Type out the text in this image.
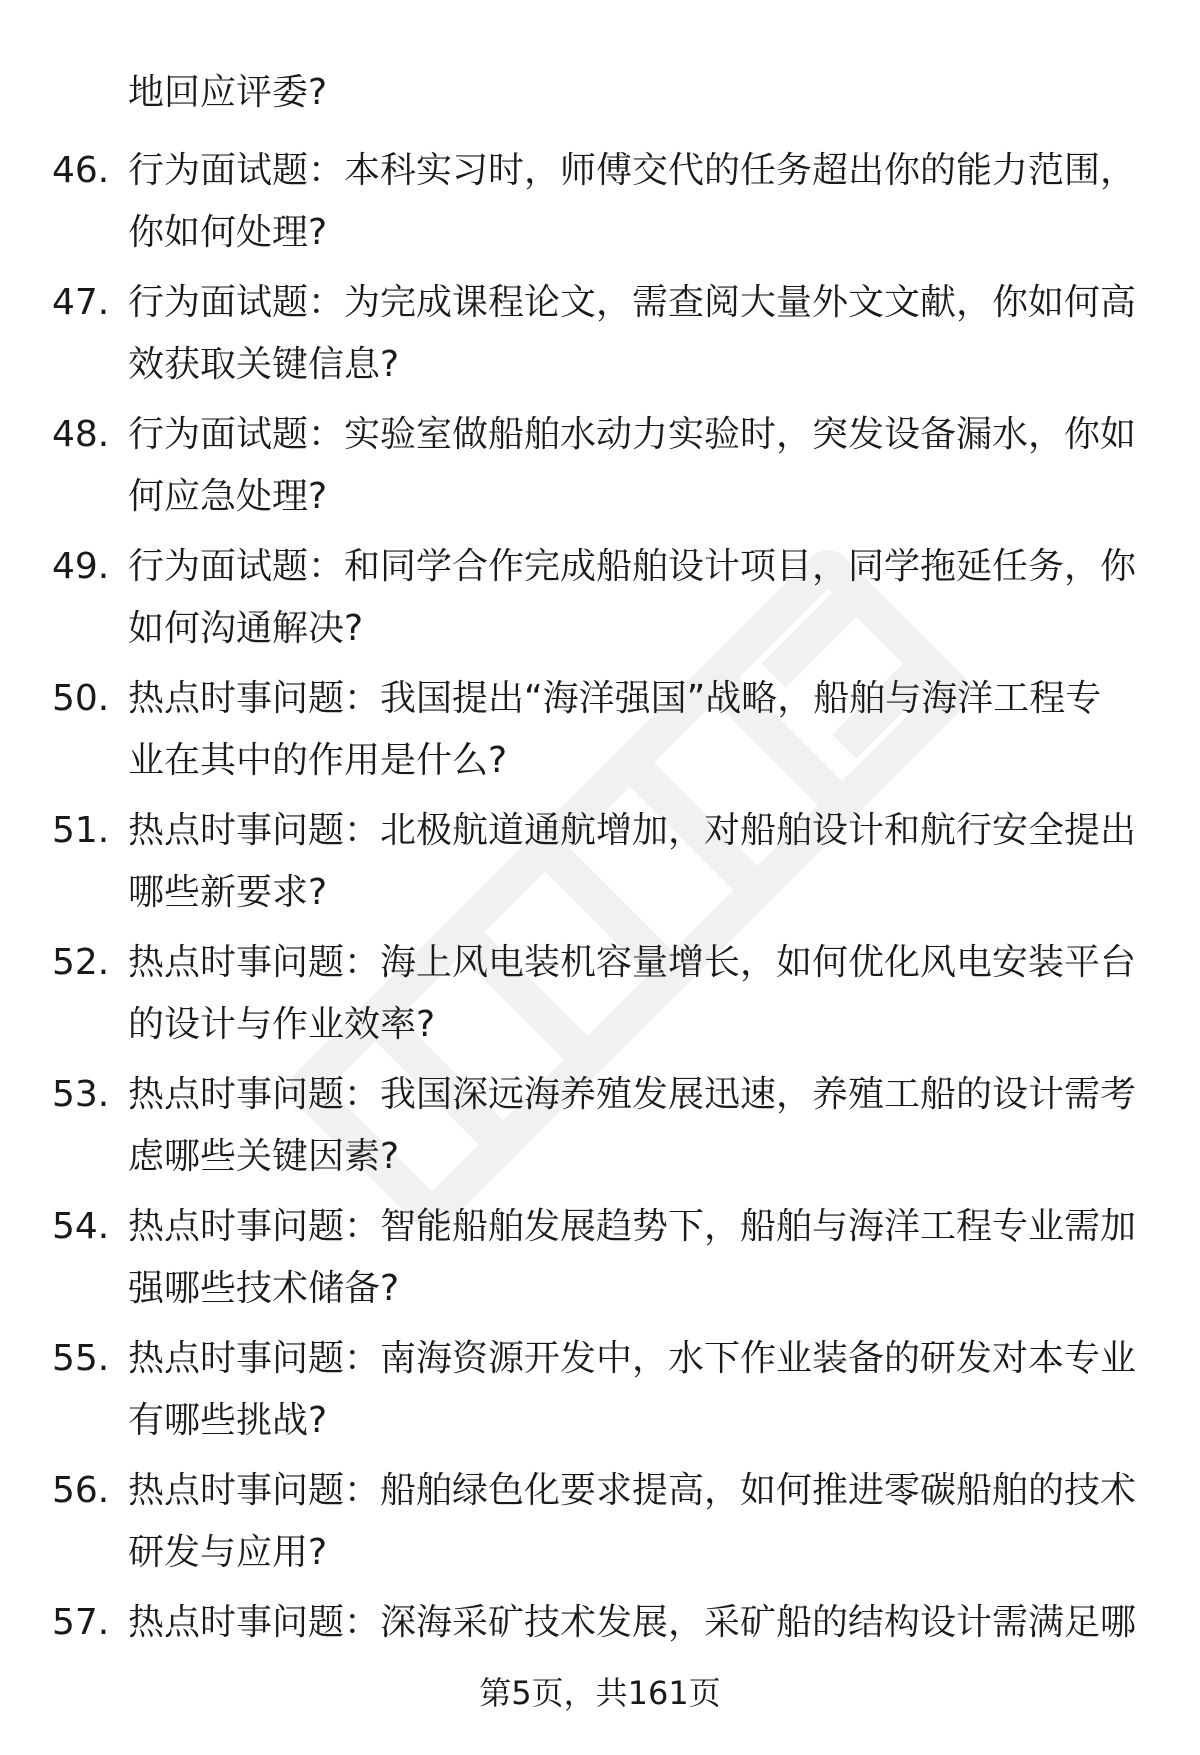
地回应评委?
46. 行为面试题：本科实习时，师傅交代的任务超出你的能力范围，
你如何处理?
47. 行为面试题：为完成课程论文，需查阅大量外文文献，你如何高
效获取关键信息?
48. 行为面试题：实验室做船舶水动力实验时，突发设备漏水，你如
何应急处理?
49. 行为面试题：和同学合作完成船舶设计项目，同学拖延任务，你
如何沟通解决?
50. 热点时事问题：我国提出“海洋强国”战略，船舶与海洋工程专
业在其中的作用是什么?
51. 热点时事问题：北极航道通航增加，对船舶设计和航行安全提出
哪些新要求?
52. 热点时事问题：海上风电装机容量增长，如何优化风电安装平台
的设计与作业效率?
53. 热点时事问题：我国深远海养殖发展迅速，养殖工船的设计需考
虑哪些关键因素?
54. 热点时事问题：智能船舶发展趋势下，船舶与海洋工程专业需加
强哪些技术储备?
55. 热点时事问题：南海资源开发中，水下作业装备的研发对本专业
有哪些挑战?
56. 热点时事问题：船舶绿色化要求提高，如何推进零碳船舶的技术
研发与应用?
57. 热点时事问题：深海采矿技术发展，采矿船的结构设计需满足哪
第5页，共161页
